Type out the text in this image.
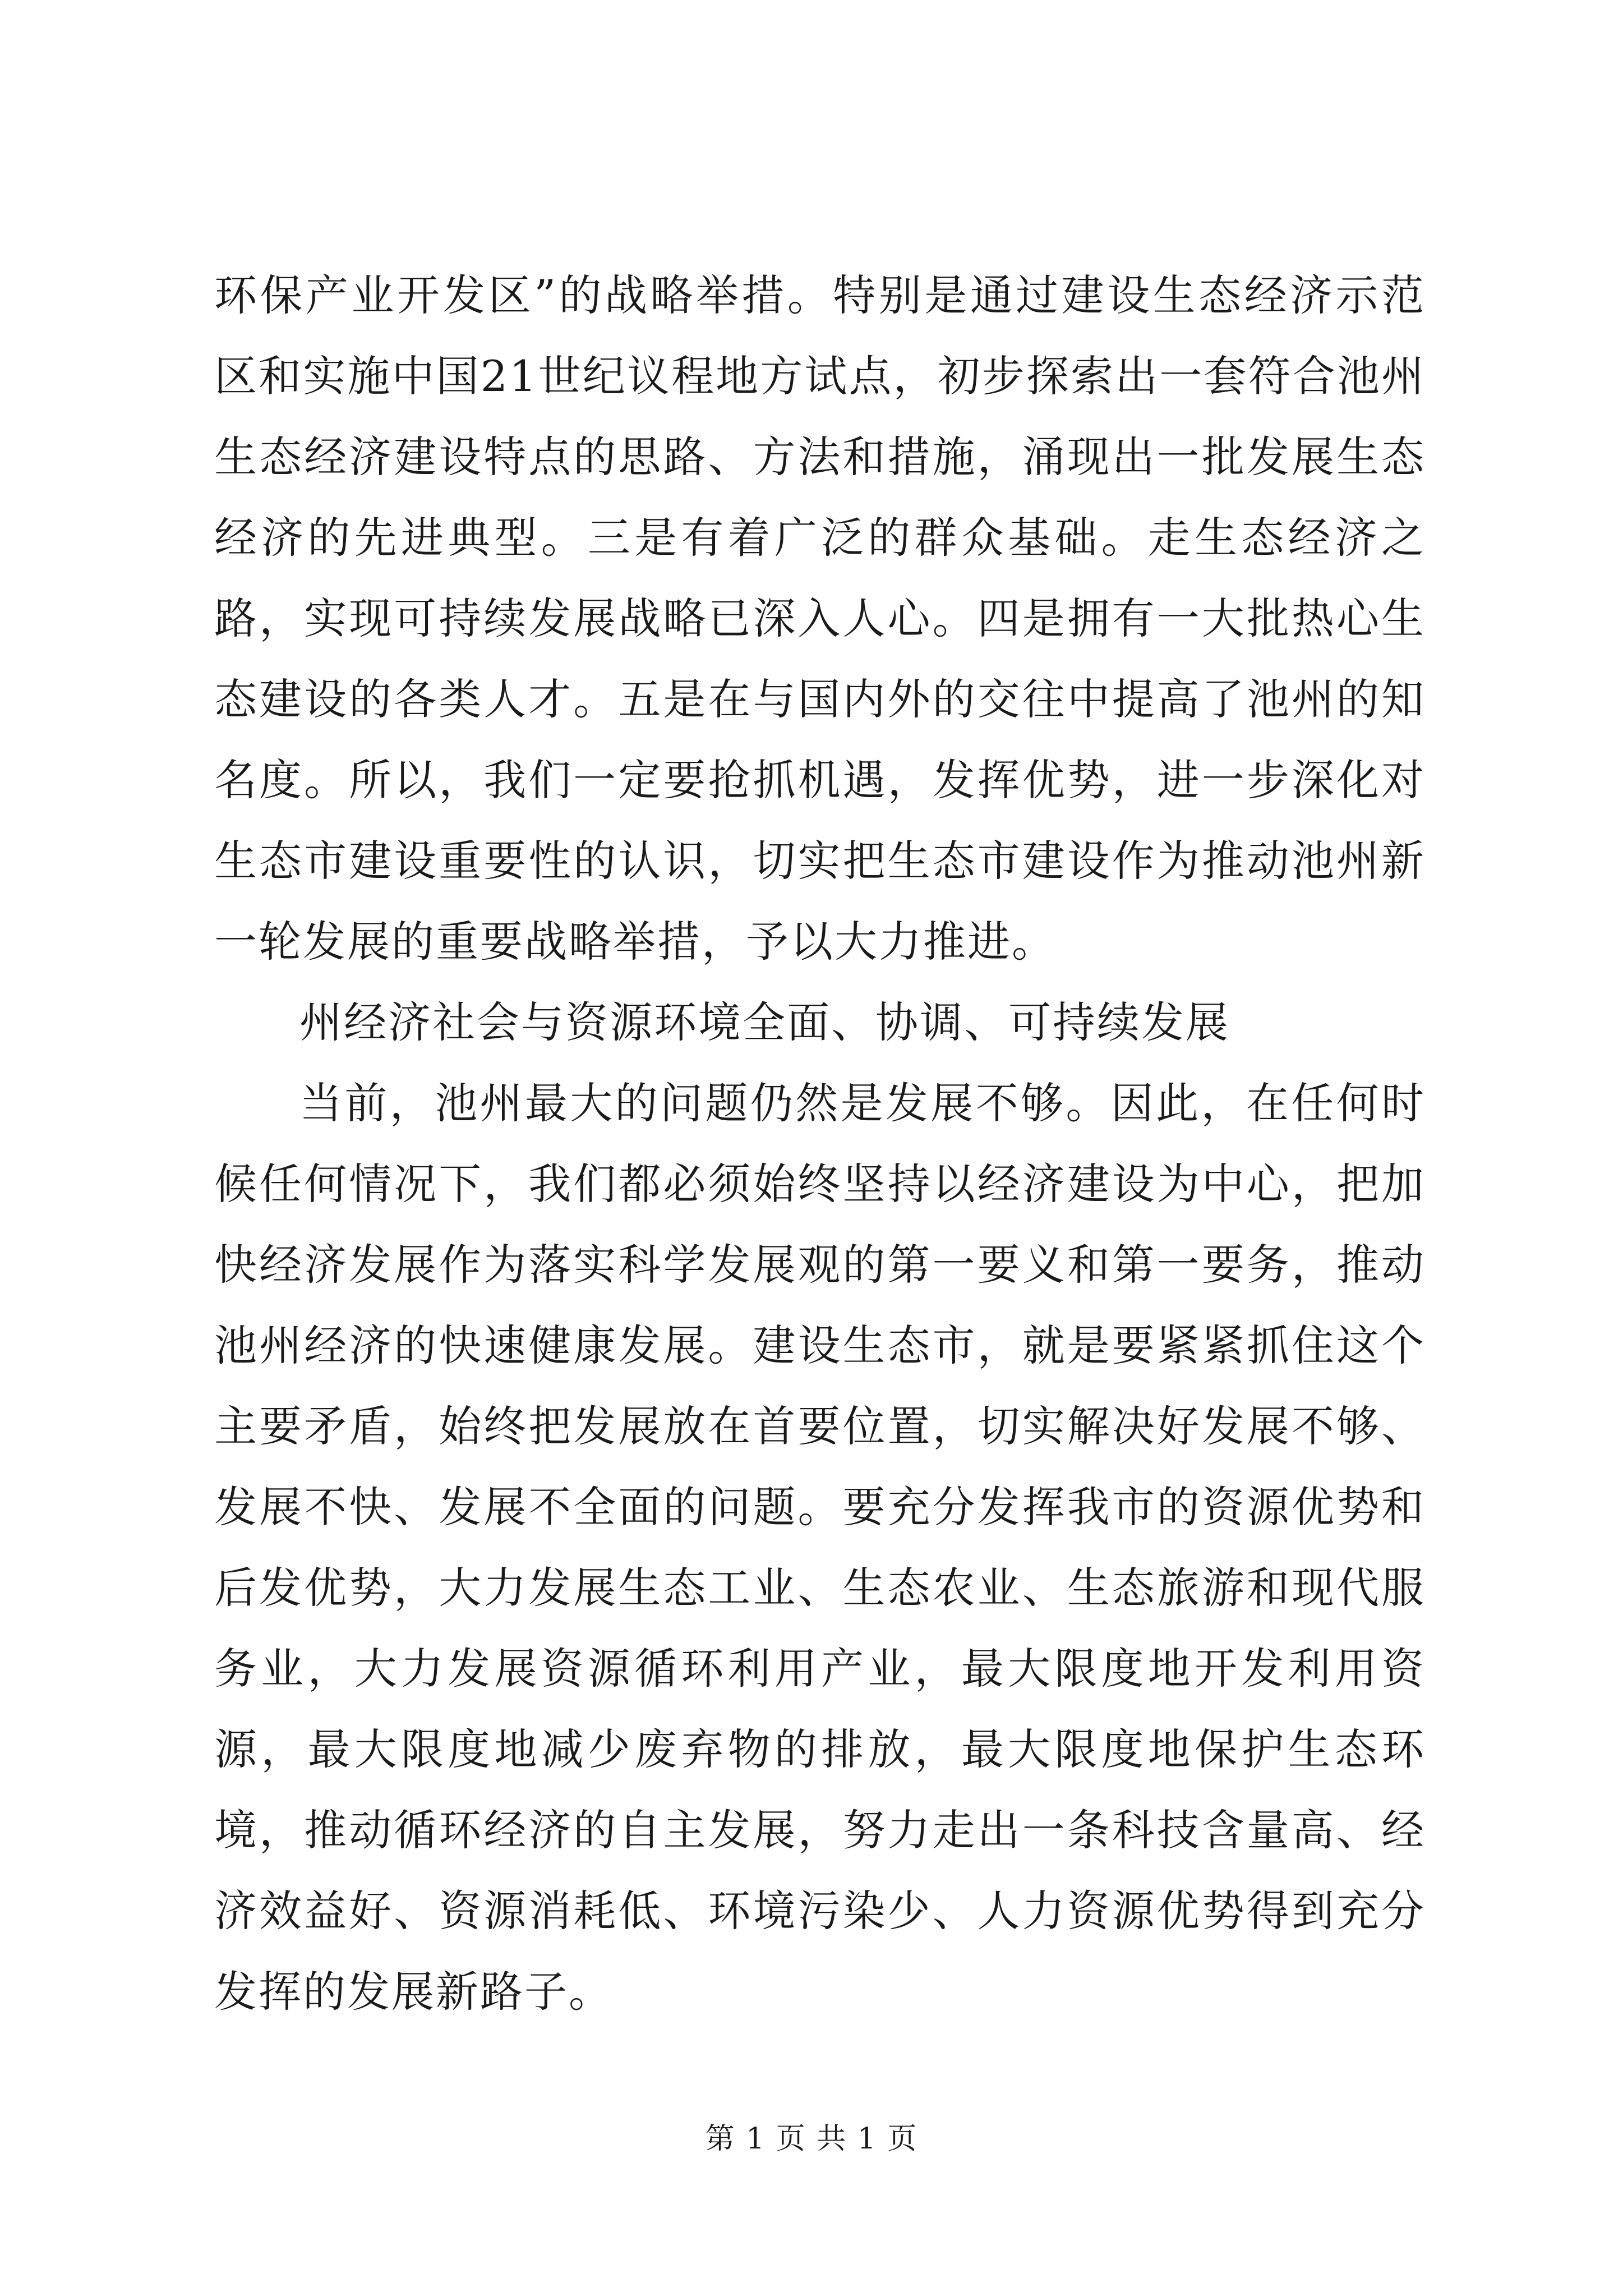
环保产业开发区”的战略举措。特别是通过建设生态经济示范区和实施中国21世纪议程地方试点，初步探索出一套符合池州生态经济建设特点的思路、方法和措施，涌现出一批发展生态经济的先进典型。三是有着广泛的群众基础。走生态经济之路，实现可持续发展战略已深入人心。四是拥有一大批热心生态建设的各类人才。五是在与国内外的交往中提高了池州的知名度。所以，我们一定要抢抓机遇，发挥优势，进一步深化对生态市建设重要性的认识，切实把生态市建设作为推动池州新一轮发展的重要战略举措，予以大力推进。

州经济社会与资源环境全面、协调、可持续发展

当前，池州最大的问题仍然是发展不够。因此，在任何时候任何情况下，我们都必须始终坚持以经济建设为中心，把加快经济发展作为落实科学发展观的第一要义和第一要务，推动池州经济的快速健康发展。建设生态市，就是要紧紧抓住这个主要矛盾，始终把发展放在首要位置，切实解决好发展不够、发展不快、发展不全面的问题。要充分发挥我市的资源优势和后发优势，大力发展生态工业、生态农业、生态旅游和现代服务业，大力发展资源循环利用产业，最大限度地开发利用资源，最大限度地减少废弃物的排放，最大限度地保护生态环境，推动循环经济的自主发展，努力走出一条科技含量高、经济效益好、资源消耗低、环境污染少、人力资源优势得到充分发挥的发展新路子。

第 1 页 共 1 页
